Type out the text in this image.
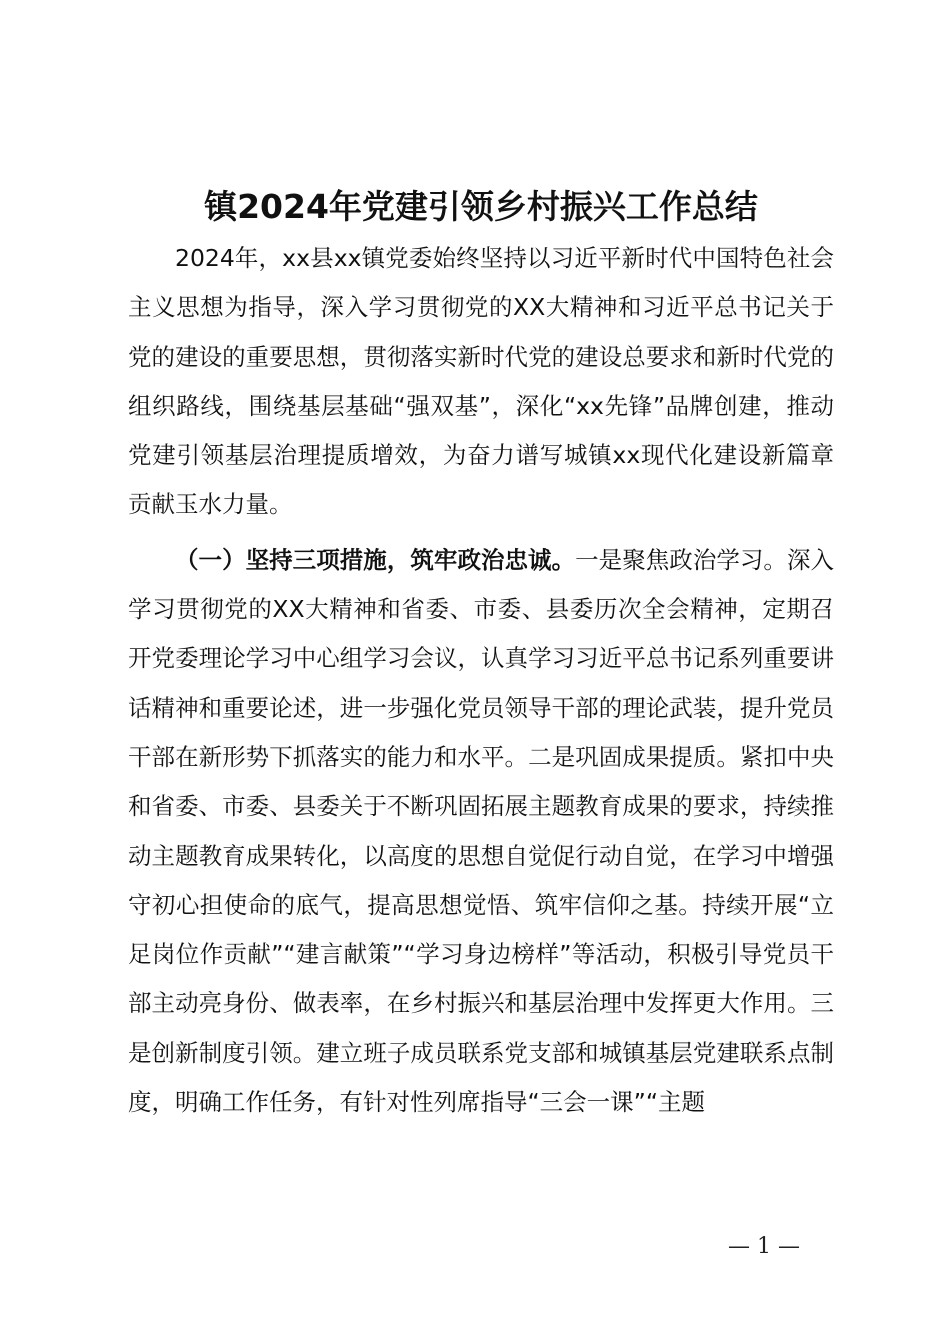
镇2024年党建引领乡村振兴工作总结

2024年，xx县xx镇党委始终坚持以习近平新时代中国特色社会主义思想为指导，深入学习贯彻党的XX大精神和习近平总书记关于党的建设的重要思想，贯彻落实新时代党的建设总要求和新时代党的组织路线，围绕基层基础“强双基”，深化“xx先锋”品牌创建，推动党建引领基层治理提质增效，为奋力谱写城镇xx现代化建设新篇章贡献玉水力量。

（一）坚持三项措施，筑牢政治忠诚。一是聚焦政治学习。深入学习贯彻党的XX大精神和省委、市委、县委历次全会精神，定期召开党委理论学习中心组学习会议，认真学习习近平总书记系列重要讲话精神和重要论述，进一步强化党员领导干部的理论武装，提升党员干部在新形势下抓落实的能力和水平。二是巩固成果提质。紧扣中央和省委、市委、县委关于不断巩固拓展主题教育成果的要求，持续推动主题教育成果转化，以高度的思想自觉促行动自觉，在学习中增强守初心担使命的底气，提高思想觉悟、筑牢信仰之基。持续开展“立足岗位作贡献”“建言献策”“学习身边榜样”等活动，积极引导党员干部主动亮身份、做表率，在乡村振兴和基层治理中发挥更大作用。三是创新制度引领。建立班子成员联系党支部和城镇基层党建联系点制度，明确工作任务，有针对性列席指导“三会一课”“主题

— 1 —
